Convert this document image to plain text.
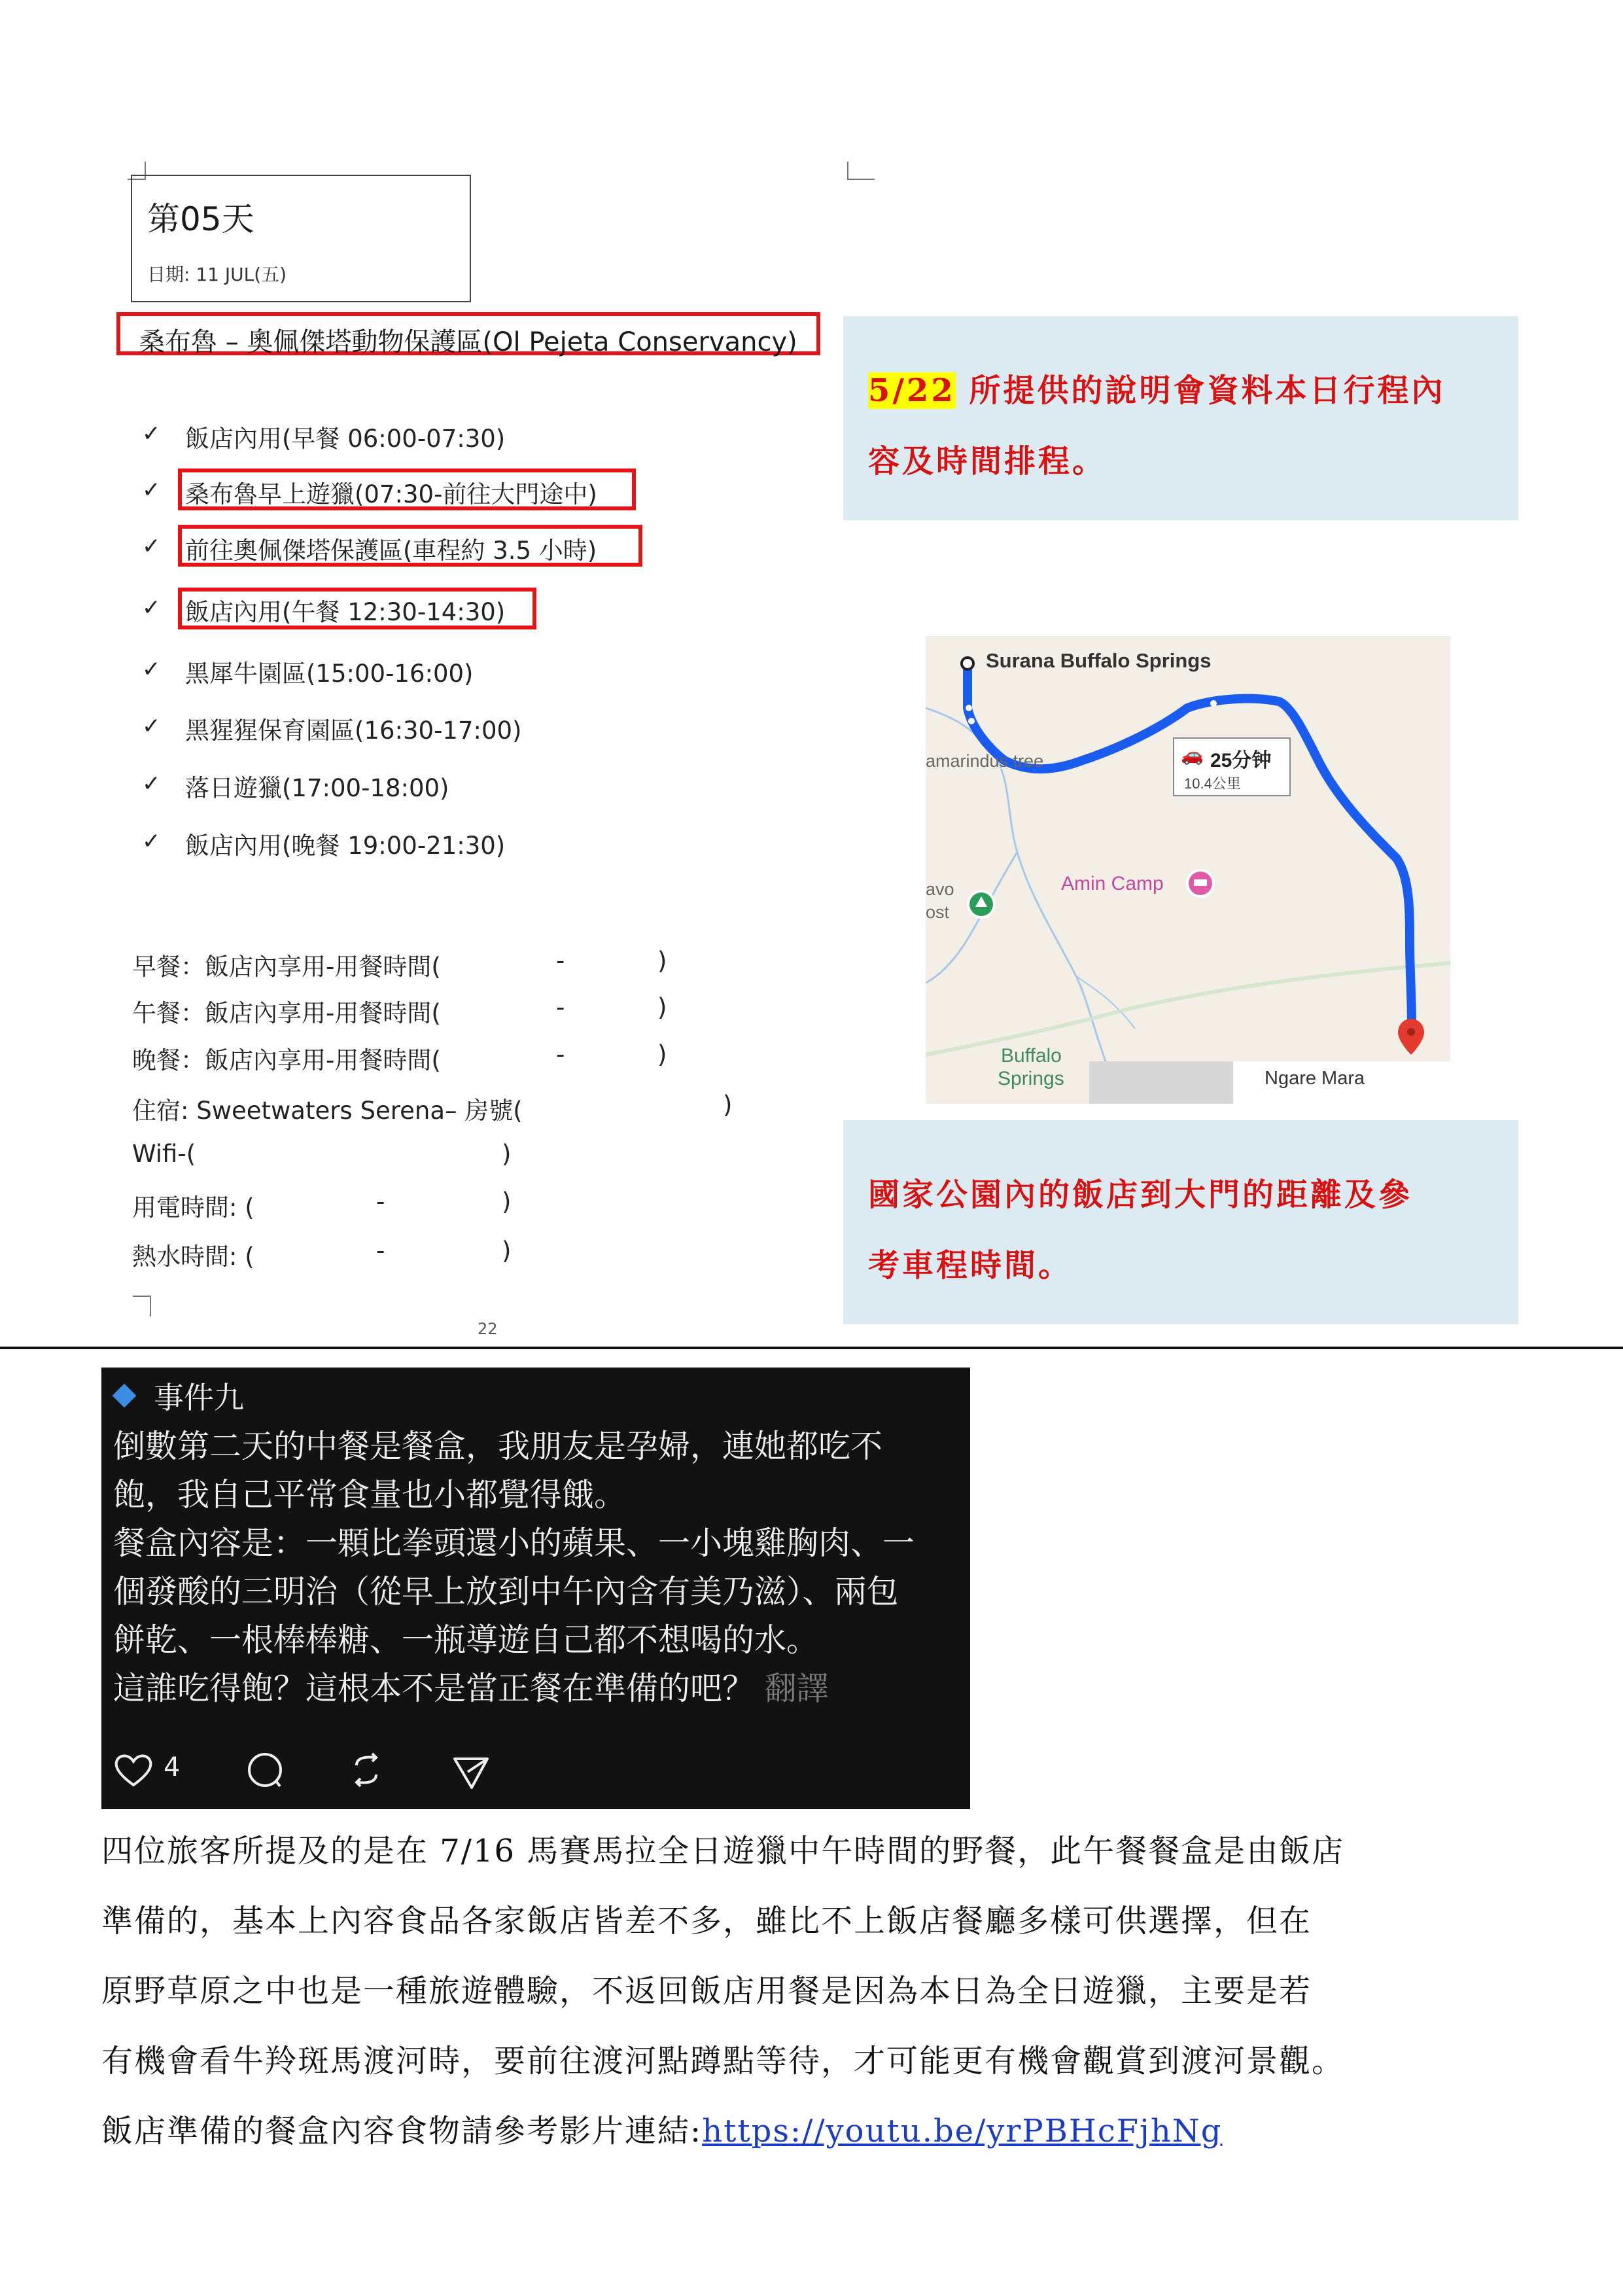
第05天
日期: 11 JUL(五)
桑布魯 – 奧佩傑塔動物保護區(Ol Pejeta Conservancy)
✓ 飯店內用(早餐 06:00-07:30)
✓ 桑布魯早上遊獵(07:30-前往大門途中)
✓ 前往奧佩傑塔保護區(車程約 3.5 小時)
✓ 飯店內用(午餐 12:30-14:30)
✓ 黑犀牛園區(15:00-16:00)
✓ 黑猩猩保育園區(16:30-17:00)
✓ 落日遊獵(17:00-18:00)
✓ 飯店內用(晚餐 19:00-21:30)
早餐：飯店內享用-用餐時間(	-	)
午餐：飯店內享用-用餐時間(	-	)
晚餐：飯店內享用-用餐時間(	-	)
住宿: Sweetwaters Serena– 房號(	)
Wifi-(	)
用電時間: (	-	)
熱水時間: (	-	)
22
5/22 所提供的說明會資料本日行程內
容及時間排程。
Surana Buffalo Springs
amarindus tree	🚗 25分钟
10.4公里
avo
ost
Amin Camp
Buffalo
Springs	Ngare Mara
國家公園內的飯店到大門的距離及參
考車程時間。
事件九
倒數第二天的中餐是餐盒，我朋友是孕婦，連她都吃不
飽，我自己平常食量也小都覺得餓。
餐盒內容是：一顆比拳頭還小的蘋果、一小塊雞胸肉、一
個發酸的三明治（從早上放到中午內含有美乃滋）、兩包
餅乾、一根棒棒糖、一瓶導遊自己都不想喝的水。
這誰吃得飽？這根本不是當正餐在準備的吧？ 翻譯
4
四位旅客所提及的是在 7/16 馬賽馬拉全日遊獵中午時間的野餐，此午餐餐盒是由飯店
準備的，基本上內容食品各家飯店皆差不多，雖比不上飯店餐廳多樣可供選擇，但在
原野草原之中也是一種旅遊體驗，不返回飯店用餐是因為本日為全日遊獵，主要是若
有機會看牛羚斑馬渡河時，要前往渡河點蹲點等待，才可能更有機會觀賞到渡河景觀。
飯店準備的餐盒內容食物請參考影片連結:https://youtu.be/yrPBHcFjhNg
